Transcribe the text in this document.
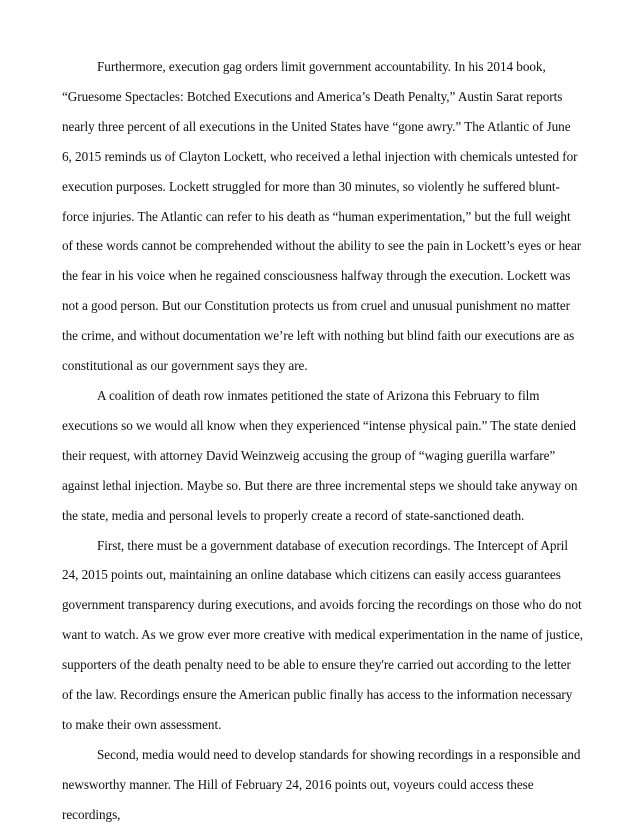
Furthermore, execution gag orders limit government accountability. In his 2014 book, “Gruesome Spectacles: Botched Executions and America’s Death Penalty,” Austin Sarat reports nearly three percent of all executions in the United States have “gone awry.” The Atlantic of June 6, 2015 reminds us of Clayton Lockett, who received a lethal injection with chemicals untested for execution purposes. Lockett struggled for more than 30 minutes, so violently he suffered blunt-force injuries. The Atlantic can refer to his death as “human experimentation,” but the full weight of these words cannot be comprehended without the ability to see the pain in Lockett’s eyes or hear the fear in his voice when he regained consciousness halfway through the execution. Lockett was not a good person. But our Constitution protects us from cruel and unusual punishment no matter the crime, and without documentation we’re left with nothing but blind faith our executions are as constitutional as our government says they are.

A coalition of death row inmates petitioned the state of Arizona this February to film executions so we would all know when they experienced “intense physical pain.” The state denied their request, with attorney David Weinzweig accusing the group of “waging guerilla warfare” against lethal injection. Maybe so. But there are three incremental steps we should take anyway on the state, media and personal levels to properly create a record of state-sanctioned death.

First, there must be a government database of execution recordings. The Intercept of April 24, 2015 points out, maintaining an online database which citizens can easily access guarantees government transparency during executions, and avoids forcing the recordings on those who do not want to watch. As we grow ever more creative with medical experimentation in the name of justice, supporters of the death penalty need to be able to ensure they're carried out according to the letter of the law. Recordings ensure the American public finally has access to the information necessary to make their own assessment.

Second, media would need to develop standards for showing recordings in a responsible and newsworthy manner. The Hill of February 24, 2016 points out, voyeurs could access these recordings,
